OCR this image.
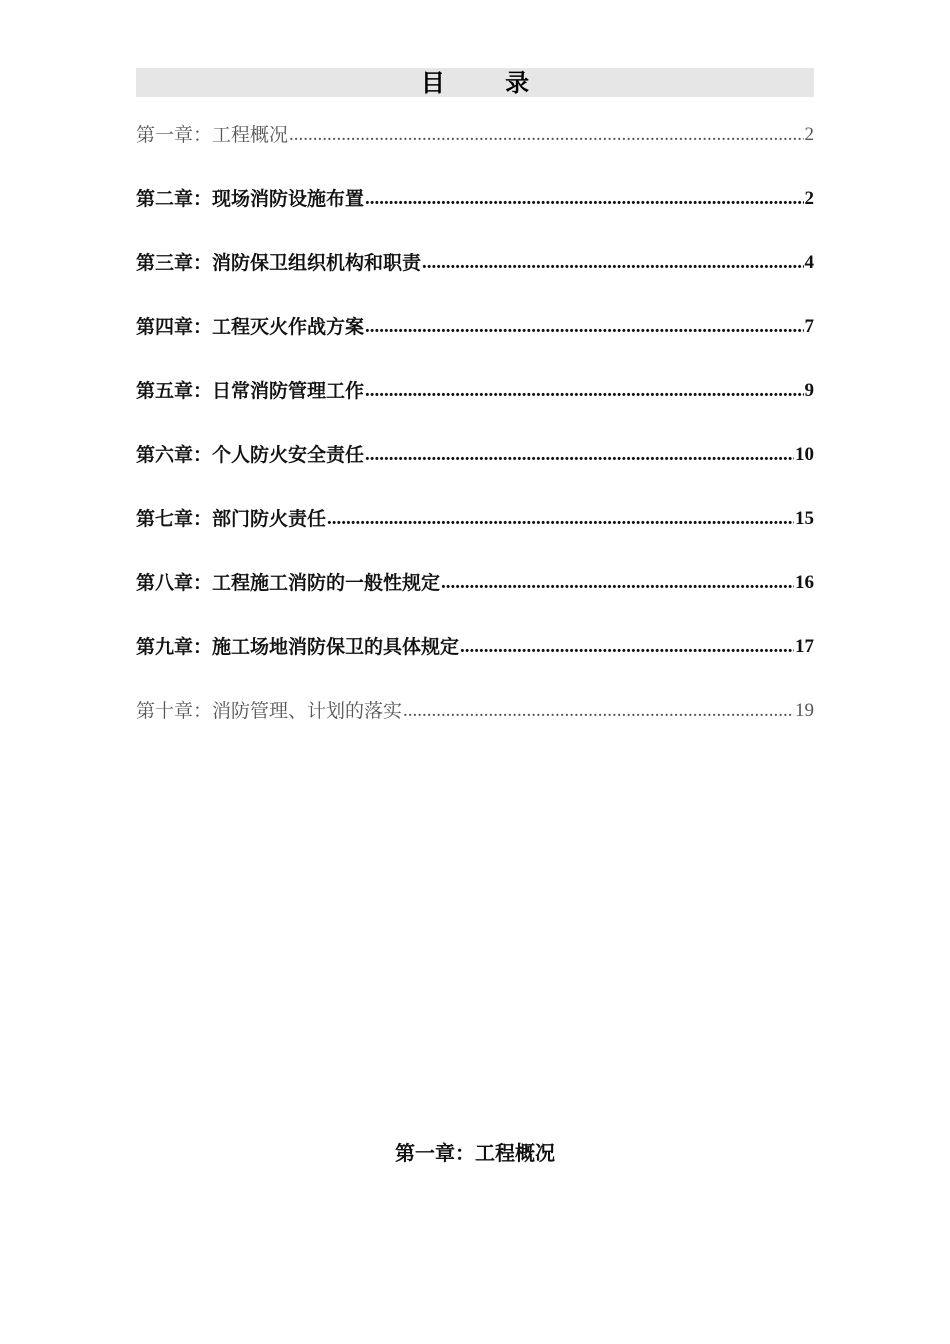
目 录
第一章：工程概况 .....	2
第二章：现场消防设施布置 .....	2
第三章：消防保卫组织机构和职责 .....	4
第四章：工程灭火作战方案 .....	7
第五章：日常消防管理工作 .....	9
第六章：个人防火安全责任 .....	10
第七章：部门防火责任 .....	15
第八章：工程施工消防的一般性规定 .....	16
第九章：施工场地消防保卫的具体规定 .....	17
第十章：消防管理、计划的落实 .....	19
第一章：工程概况
